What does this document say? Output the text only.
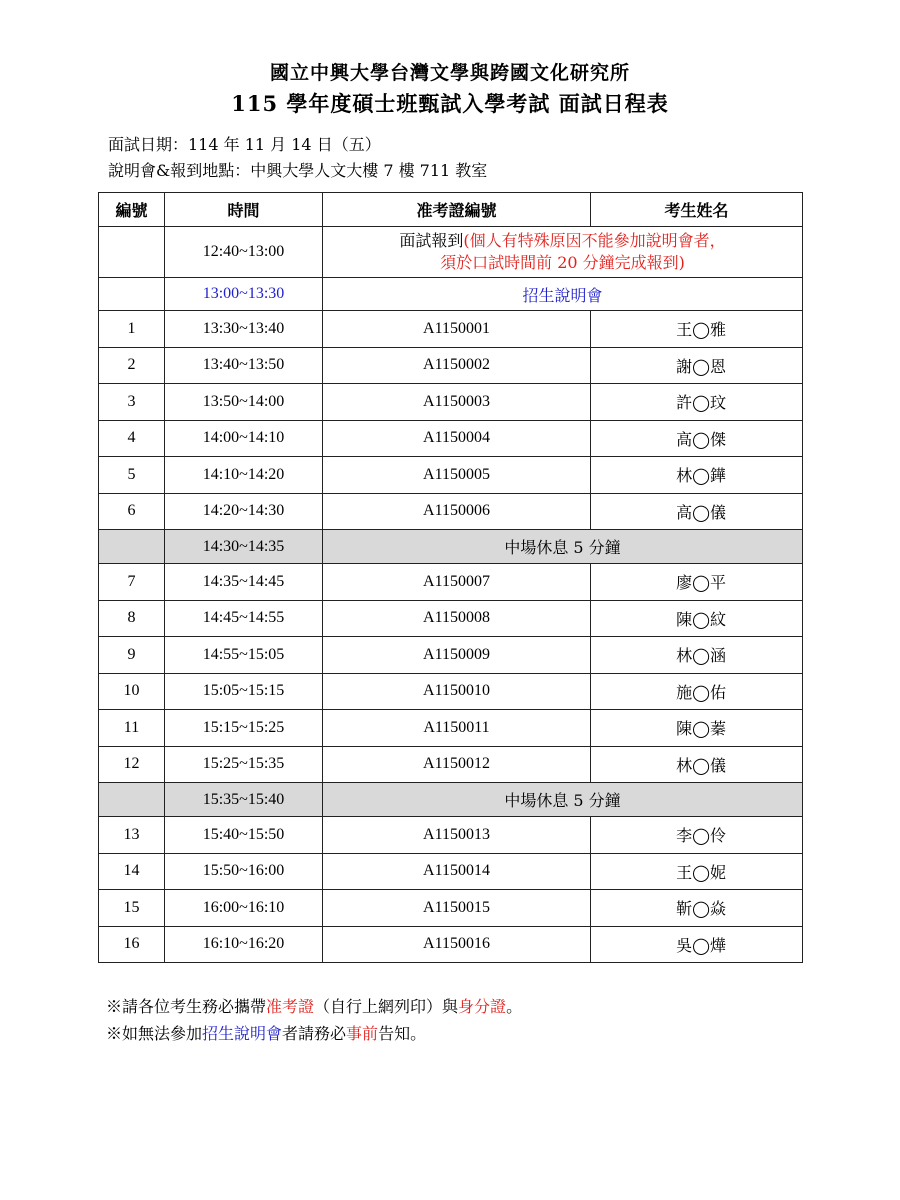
國立中興大學台灣文學與跨國文化研究所
115 學年度碩士班甄試入學考試 面試日程表
面試日期：114 年 11 月 14 日（五）
說明會&報到地點：中興大學人文大樓 7 樓 711 教室
編號	時間	准考證編號	考生姓名
	12:40~13:00	面試報到(個人有特殊原因不能參加說明會者，
須於口試時間前 20 分鐘完成報到)	
	13:00~13:30	招生說明會	
1	13:30~13:40	A1150001	王◯雅
2	13:40~13:50	A1150002	謝◯恩
3	13:50~14:00	A1150003	許◯玟
4	14:00~14:10	A1150004	高◯傑
5	14:10~14:20	A1150005	林◯鏵
6	14:20~14:30	A1150006	高◯儀
	14:30~14:35	中場休息 5 分鐘	
7	14:35~14:45	A1150007	廖◯平
8	14:45~14:55	A1150008	陳◯紋
9	14:55~15:05	A1150009	林◯涵
10	15:05~15:15	A1150010	施◯佑
11	15:15~15:25	A1150011	陳◯蓁
12	15:25~15:35	A1150012	林◯儀
	15:35~15:40	中場休息 5 分鐘	
13	15:40~15:50	A1150013	李◯伶
14	15:50~16:00	A1150014	王◯妮
15	16:00~16:10	A1150015	靳◯焱
16	16:10~16:20	A1150016	吳◯燁
※請各位考生務必攜帶准考證（自行上網列印）與身分證。
※如無法參加招生說明會者請務必事前告知。
